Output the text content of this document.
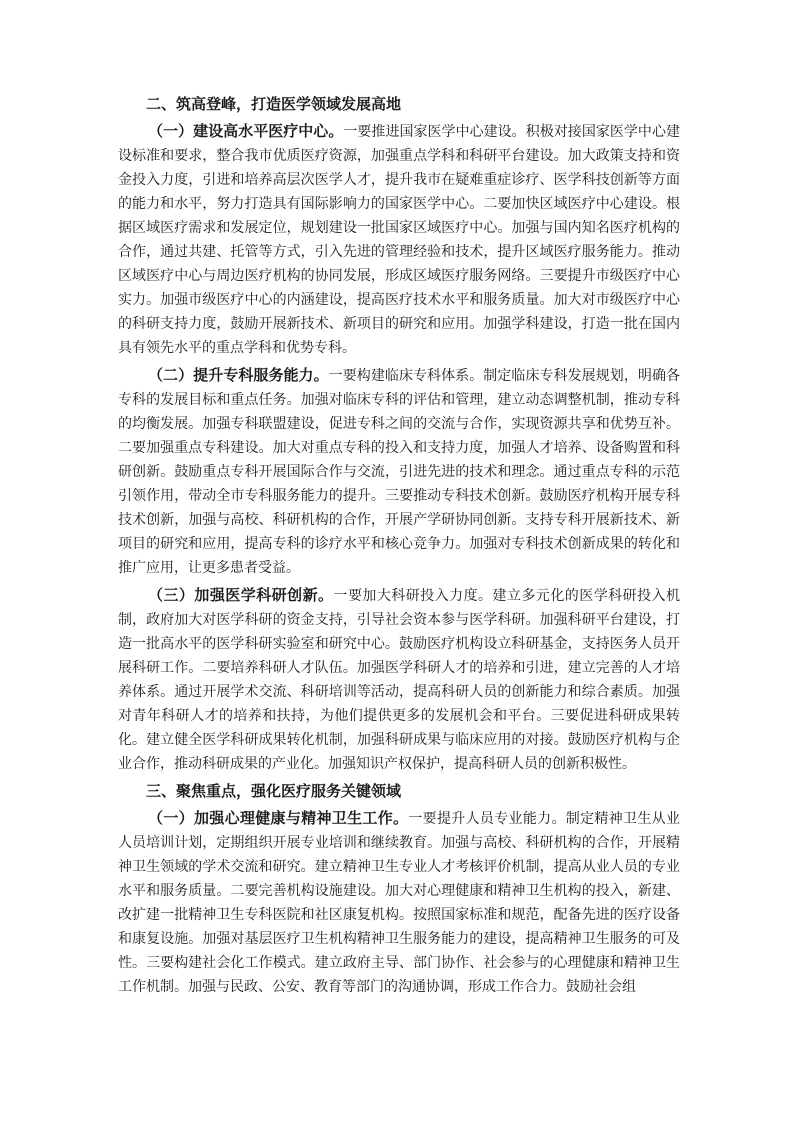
二、筑高登峰，打造医学领域发展高地

（一）建设高水平医疗中心。一要推进国家医学中心建设。积极对接国家医学中心建设标准和要求，整合我市优质医疗资源，加强重点学科和科研平台建设。加大政策支持和资金投入力度，引进和培养高层次医学人才，提升我市在疑难重症诊疗、医学科技创新等方面的能力和水平，努力打造具有国际影响力的国家医学中心。二要加快区域医疗中心建设。根据区域医疗需求和发展定位，规划建设一批国家区域医疗中心。加强与国内知名医疗机构的合作，通过共建、托管等方式，引入先进的管理经验和技术，提升区域医疗服务能力。推动区域医疗中心与周边医疗机构的协同发展，形成区域医疗服务网络。三要提升市级医疗中心实力。加强市级医疗中心的内涵建设，提高医疗技术水平和服务质量。加大对市级医疗中心的科研支持力度，鼓励开展新技术、新项目的研究和应用。加强学科建设，打造一批在国内具有领先水平的重点学科和优势专科。

（二）提升专科服务能力。一要构建临床专科体系。制定临床专科发展规划，明确各专科的发展目标和重点任务。加强对临床专科的评估和管理，建立动态调整机制，推动专科的均衡发展。加强专科联盟建设，促进专科之间的交流与合作，实现资源共享和优势互补。二要加强重点专科建设。加大对重点专科的投入和支持力度，加强人才培养、设备购置和科研创新。鼓励重点专科开展国际合作与交流，引进先进的技术和理念。通过重点专科的示范引领作用，带动全市专科服务能力的提升。三要推动专科技术创新。鼓励医疗机构开展专科技术创新，加强与高校、科研机构的合作，开展产学研协同创新。支持专科开展新技术、新项目的研究和应用，提高专科的诊疗水平和核心竞争力。加强对专科技术创新成果的转化和推广应用，让更多患者受益。

（三）加强医学科研创新。一要加大科研投入力度。建立多元化的医学科研投入机制，政府加大对医学科研的资金支持，引导社会资本参与医学科研。加强科研平台建设，打造一批高水平的医学科研实验室和研究中心。鼓励医疗机构设立科研基金，支持医务人员开展科研工作。二要培养科研人才队伍。加强医学科研人才的培养和引进，建立完善的人才培养体系。通过开展学术交流、科研培训等活动，提高科研人员的创新能力和综合素质。加强对青年科研人才的培养和扶持，为他们提供更多的发展机会和平台。三要促进科研成果转化。建立健全医学科研成果转化机制，加强科研成果与临床应用的对接。鼓励医疗机构与企业合作，推动科研成果的产业化。加强知识产权保护，提高科研人员的创新积极性。

三、聚焦重点，强化医疗服务关键领域

（一）加强心理健康与精神卫生工作。一要提升人员专业能力。制定精神卫生从业人员培训计划，定期组织开展专业培训和继续教育。加强与高校、科研机构的合作，开展精神卫生领域的学术交流和研究。建立精神卫生专业人才考核评价机制，提高从业人员的专业水平和服务质量。二要完善机构设施建设。加大对心理健康和精神卫生机构的投入，新建、改扩建一批精神卫生专科医院和社区康复机构。按照国家标准和规范，配备先进的医疗设备和康复设施。加强对基层医疗卫生机构精神卫生服务能力的建设，提高精神卫生服务的可及性。三要构建社会化工作模式。建立政府主导、部门协作、社会参与的心理健康和精神卫生工作机制。加强与民政、公安、教育等部门的沟通协调，形成工作合力。鼓励社会组
